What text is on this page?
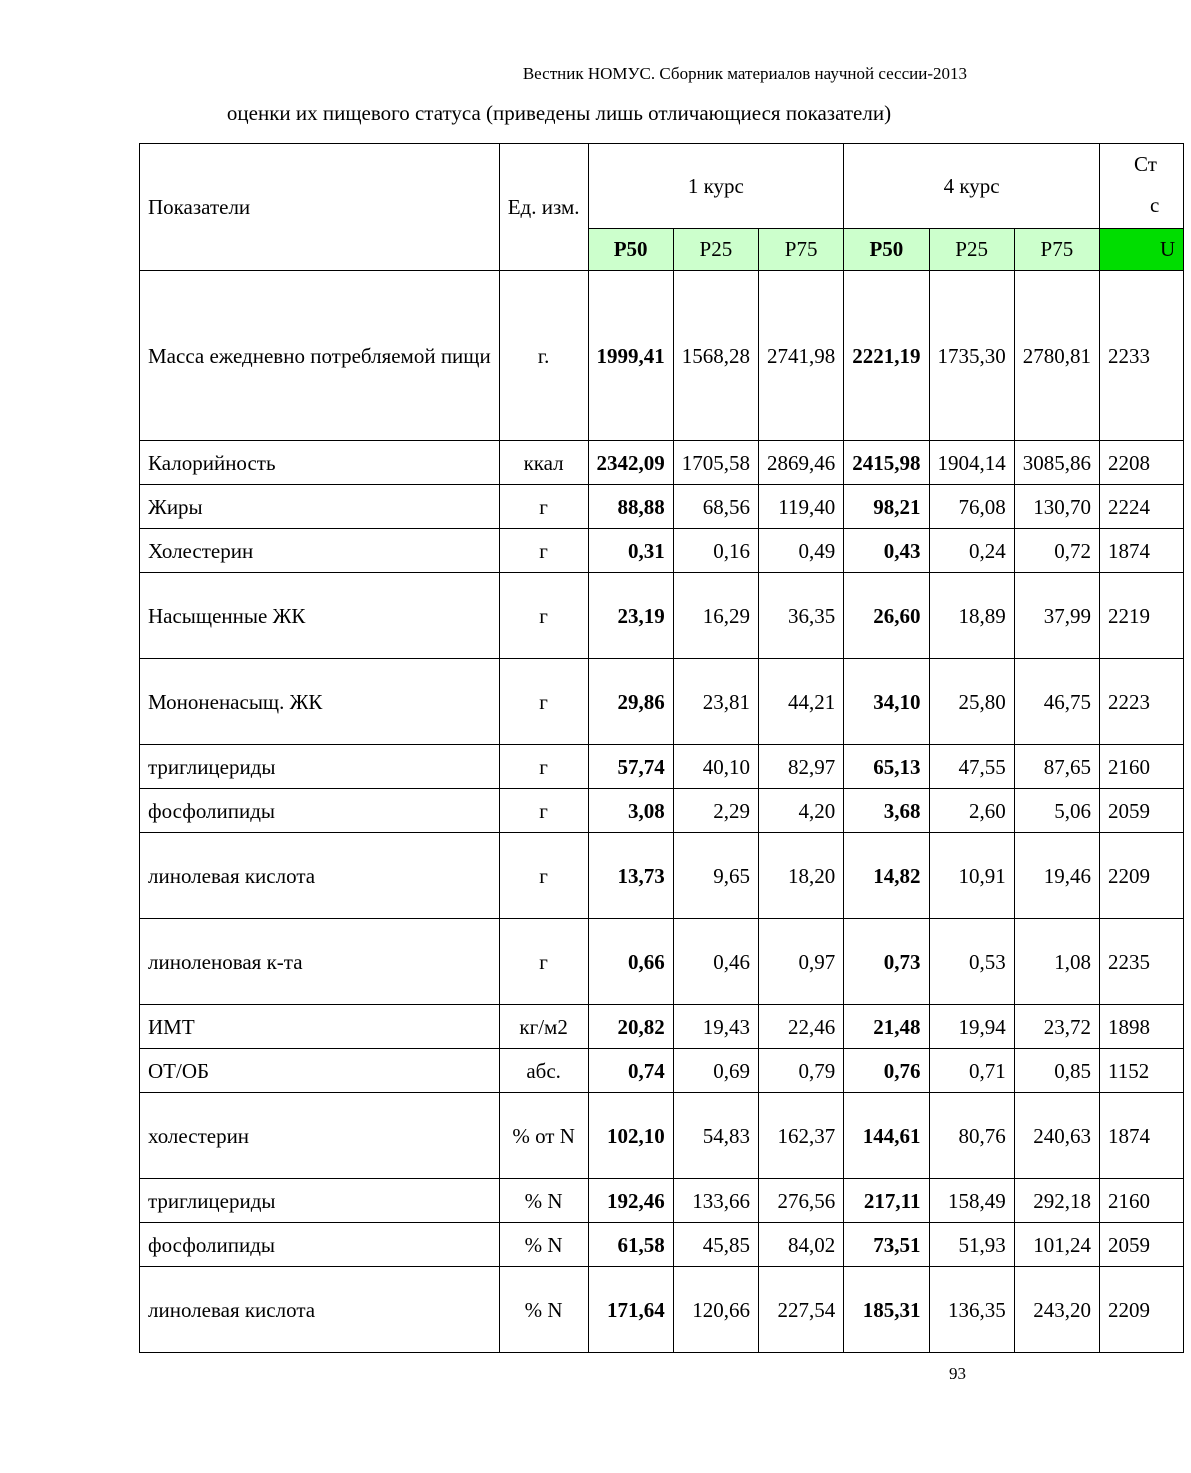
Вестник НОМУС. Сборник материалов научной сессии-2013
оценки их пищевого статуса (приведены лишь отличающиеся показатели)
Показатели	Ед. изм.	1 курс			4 курс			Ст
с

		P50	P25	P75	P50	P25	P75	U
Масса ежедневно потребляемой пищи	г.	1999,41	1568,28	2741,98	2221,19	1735,30	2780,81	2233
Калорийность	ккал	2342,09	1705,58	2869,46	2415,98	1904,14	3085,86	2208
Жиры	г	88,88	68,56	119,40	98,21	76,08	130,70	2224
Холестерин	г	0,31	0,16	0,49	0,43	0,24	0,72	1874
Насыщенные ЖК	г	23,19	16,29	36,35	26,60	18,89	37,99	2219
Мононенасыщ. ЖК	г	29,86	23,81	44,21	34,10	25,80	46,75	2223
триглицериды	г	57,74	40,10	82,97	65,13	47,55	87,65	2160
фосфолипиды	г	3,08	2,29	4,20	3,68	2,60	5,06	2059
линолевая кислота	г	13,73	9,65	18,20	14,82	10,91	19,46	2209
линоленовая к-та	г	0,66	0,46	0,97	0,73	0,53	1,08	2235
ИМТ	кг/м2	20,82	19,43	22,46	21,48	19,94	23,72	1898
ОТ/ОБ	абс.	0,74	0,69	0,79	0,76	0,71	0,85	1152
холестерин	% от N	102,10	54,83	162,37	144,61	80,76	240,63	1874
триглицериды	% N	192,46	133,66	276,56	217,11	158,49	292,18	2160
фосфолипиды	% N	61,58	45,85	84,02	73,51	51,93	101,24	2059
линолевая кислота	% N	171,64	120,66	227,54	185,31	136,35	243,20	2209
93
